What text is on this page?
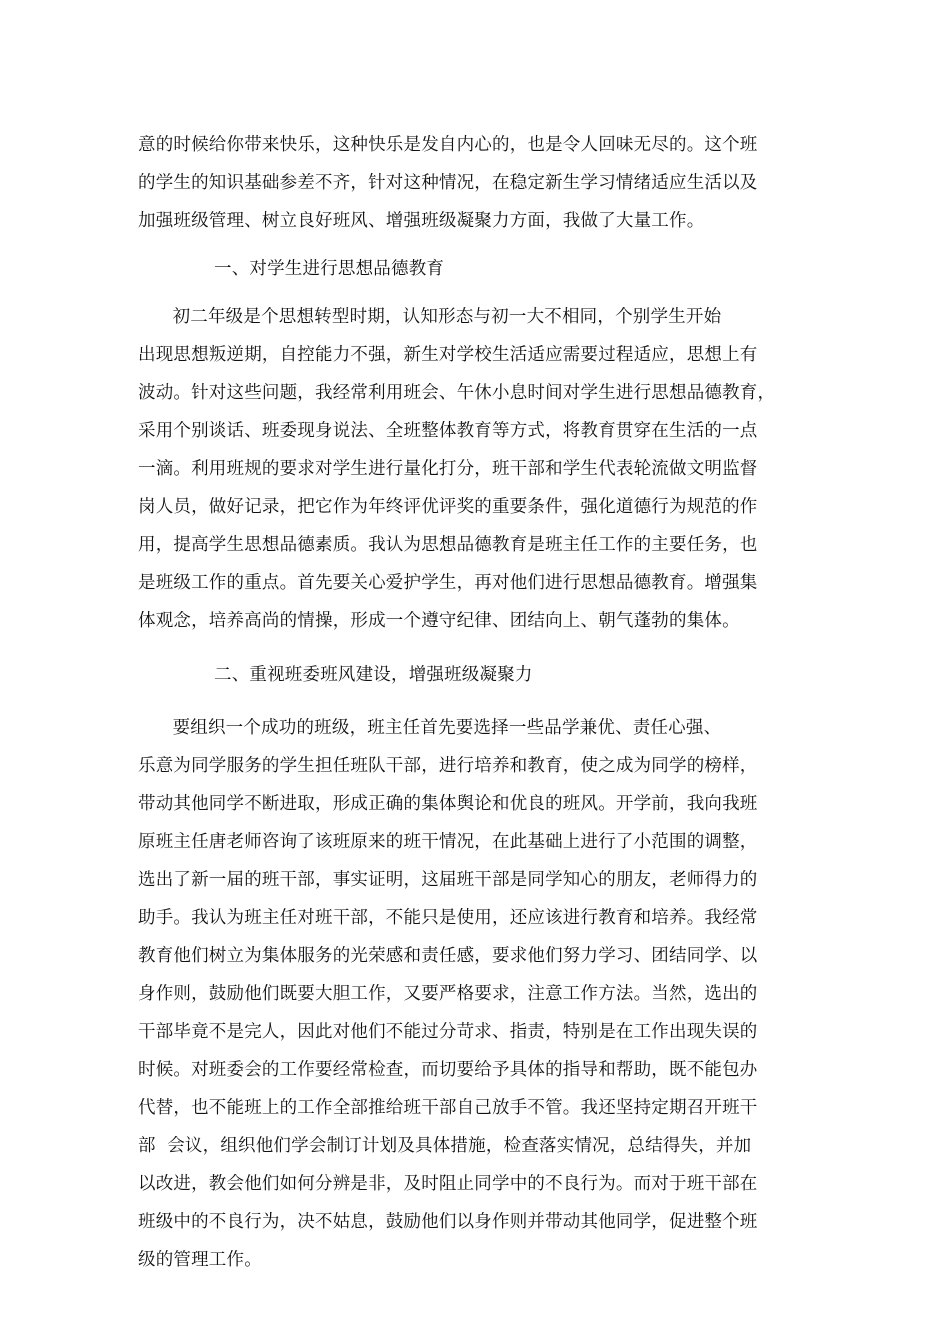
意的时候给你带来快乐，这种快乐是发自内心的，也是令人回味无尽的。这个班
的学生的知识基础参差不齐，针对这种情况，在稳定新生学习情绪适应生活以及
加强班级管理、树立良好班风、增强班级凝聚力方面，我做了大量工作。
一、对学生进行思想品德教育
初二年级是个思想转型时期，认知形态与初一大不相同，个别学生开始
出现思想叛逆期，自控能力不强，新生对学校生活适应需要过程适应，思想上有
波动。针对这些问题，我经常利用班会、午休小息时间对学生进行思想品德教育，
采用个别谈话、班委现身说法、全班整体教育等方式，将教育贯穿在生活的一点
一滴。利用班规的要求对学生进行量化打分，班干部和学生代表轮流做文明监督
岗人员，做好记录，把它作为年终评优评奖的重要条件，强化道德行为规范的作
用，提高学生思想品德素质。我认为思想品德教育是班主任工作的主要任务，也
是班级工作的重点。首先要关心爱护学生，再对他们进行思想品德教育。增强集
体观念，培养高尚的情操，形成一个遵守纪律、团结向上、朝气蓬勃的集体。
二、重视班委班风建设，增强班级凝聚力
要组织一个成功的班级，班主任首先要选择一些品学兼优、责任心强、
乐意为同学服务的学生担任班队干部，进行培养和教育，使之成为同学的榜样，
带动其他同学不断进取，形成正确的集体舆论和优良的班风。开学前，我向我班
原班主任唐老师咨询了该班原来的班干情况，在此基础上进行了小范围的调整，
选出了新一届的班干部，事实证明，这届班干部是同学知心的朋友，老师得力的
助手。我认为班主任对班干部，不能只是使用，还应该进行教育和培养。我经常
教育他们树立为集体服务的光荣感和责任感，要求他们努力学习、团结同学、以
身作则，鼓励他们既要大胆工作，又要严格要求，注意工作方法。当然，选出的
干部毕竟不是完人，因此对他们不能过分苛求、指责，特别是在工作出现失误的
时候。对班委会的工作要经常检查，而切要给予具体的指导和帮助，既不能包办
代替，也不能班上的工作全部推给班干部自己放手不管。我还坚持定期召开班干
部  会议，组织他们学会制订计划及具体措施，检查落实情况，总结得失，并加
以改进，教会他们如何分辨是非，及时阻止同学中的不良行为。而对于班干部在
班级中的不良行为，决不姑息，鼓励他们以身作则并带动其他同学，促进整个班
级的管理工作。
